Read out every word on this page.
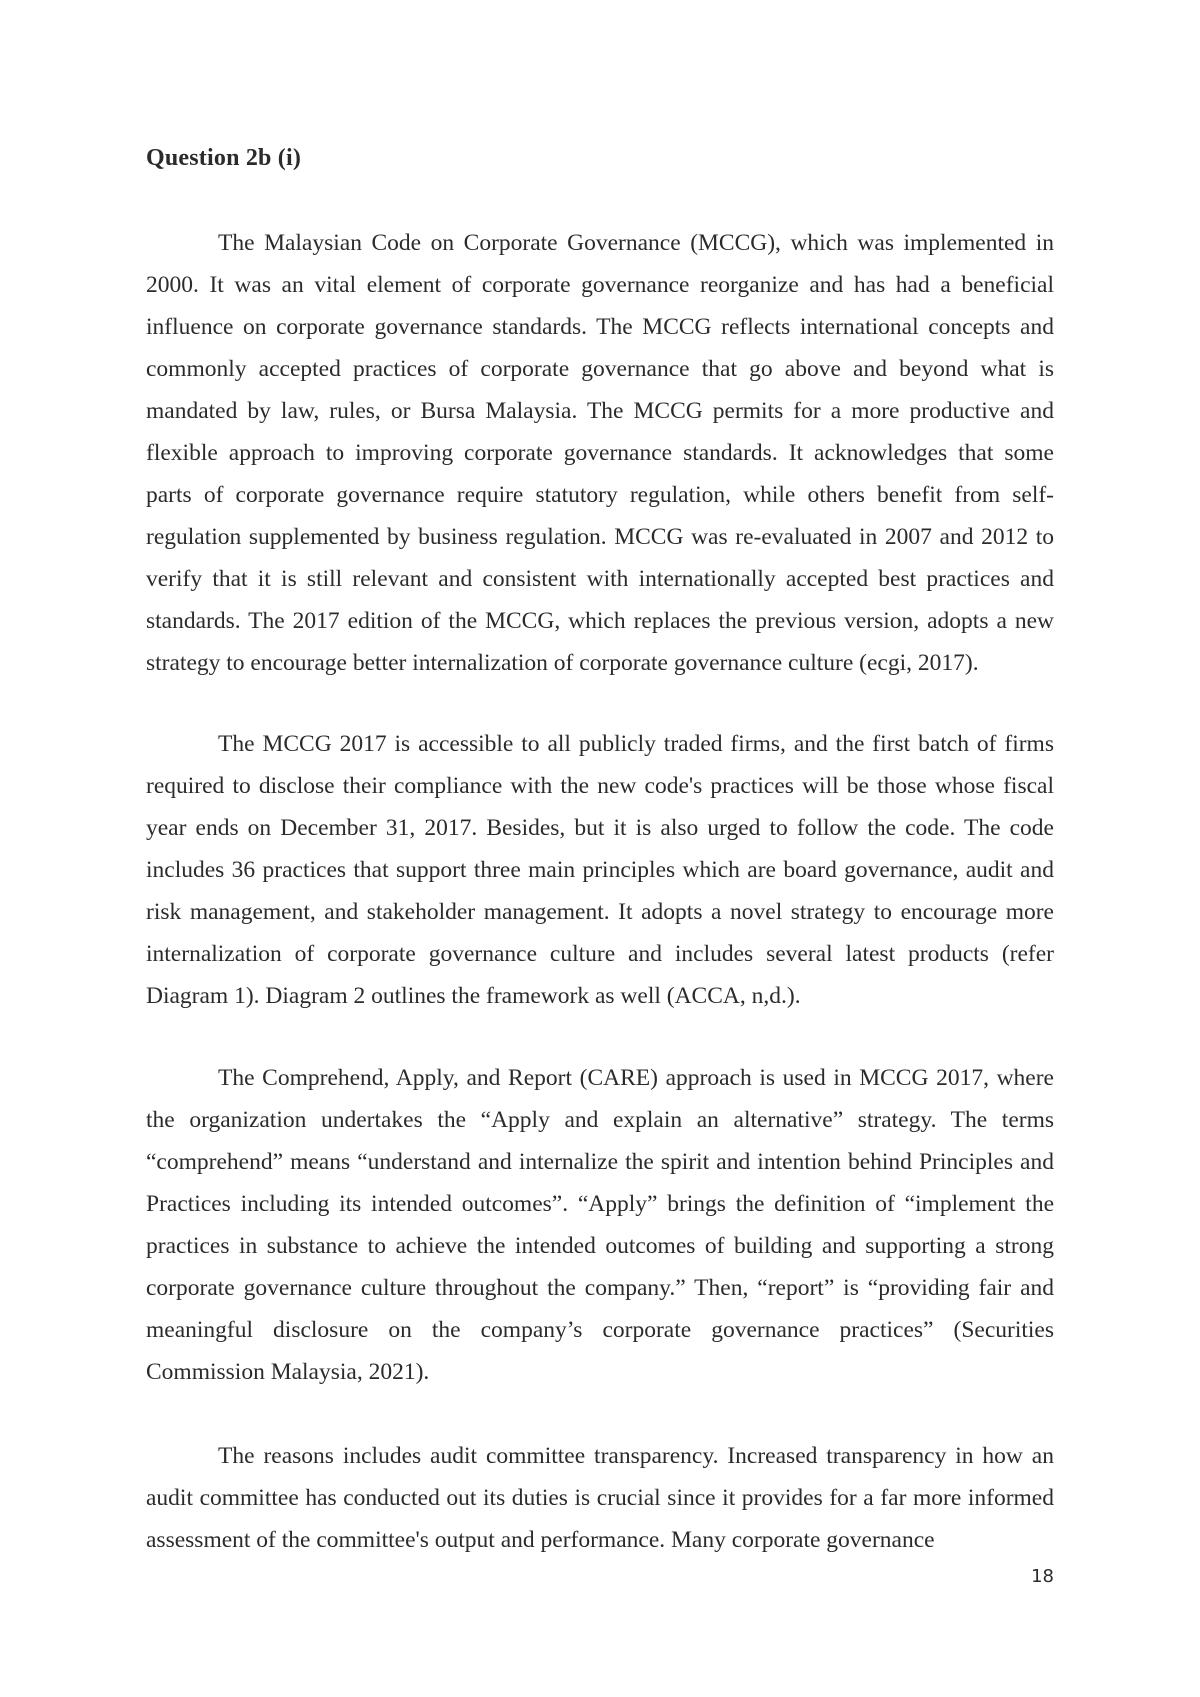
Question 2b (i)

The Malaysian Code on Corporate Governance (MCCG), which was implemented in 2000. It was an vital element of corporate governance reorganize and has had a beneficial influence on corporate governance standards. The MCCG reflects international concepts and commonly accepted practices of corporate governance that go above and beyond what is mandated by law, rules, or Bursa Malaysia. The MCCG permits for a more productive and flexible approach to improving corporate governance standards. It acknowledges that some parts of corporate governance require statutory regulation, while others benefit from self-regulation supplemented by business regulation. MCCG was re-evaluated in 2007 and 2012 to verify that it is still relevant and consistent with internationally accepted best practices and standards. The 2017 edition of the MCCG, which replaces the previous version, adopts a new strategy to encourage better internalization of corporate governance culture (ecgi, 2017).

The MCCG 2017 is accessible to all publicly traded firms, and the first batch of firms required to disclose their compliance with the new code's practices will be those whose fiscal year ends on December 31, 2017. Besides, but it is also urged to follow the code. The code includes 36 practices that support three main principles which are board governance, audit and risk management, and stakeholder management. It adopts a novel strategy to encourage more internalization of corporate governance culture and includes several latest products (refer Diagram 1). Diagram 2 outlines the framework as well (ACCA, n,d.).

The Comprehend, Apply, and Report (CARE) approach is used in MCCG 2017, where the organization undertakes the “Apply and explain an alternative” strategy. The terms “comprehend” means “understand and internalize the spirit and intention behind Principles and Practices including its intended outcomes”. “Apply” brings the definition of “implement the practices in substance to achieve the intended outcomes of building and supporting a strong corporate governance culture throughout the company.” Then, “report” is “providing fair and meaningful disclosure on the company’s corporate governance practices” (Securities Commission Malaysia, 2021).

The reasons includes audit committee transparency. Increased transparency in how an audit committee has conducted out its duties is crucial since it provides for a far more informed assessment of the committee's output and performance. Many corporate governance

18
